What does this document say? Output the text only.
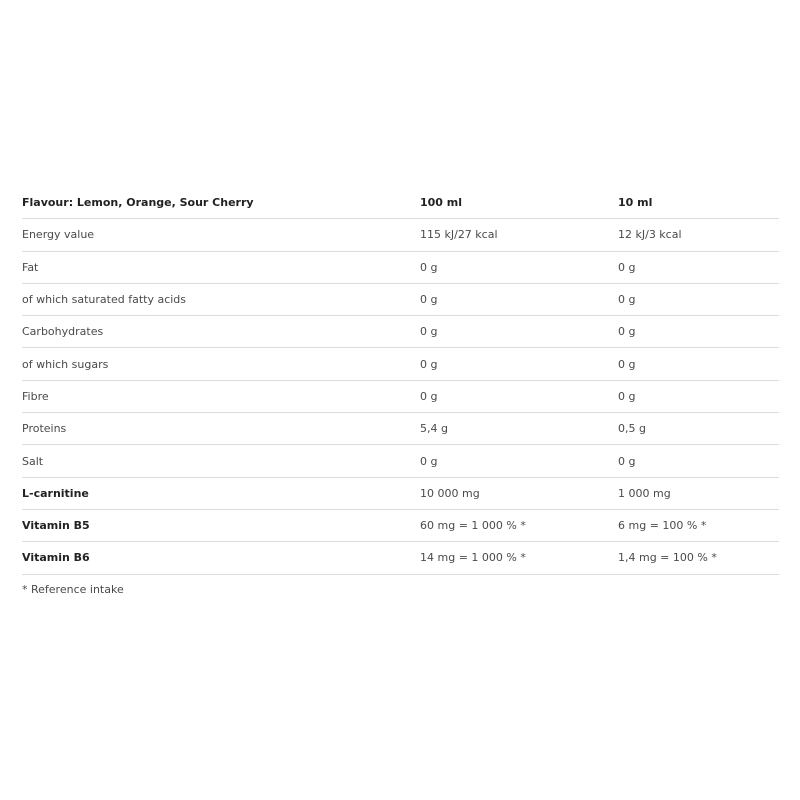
Flavour: Lemon, Orange, Sour Cherry	100 ml	10 ml
Energy value	115 kJ/27 kcal	12 kJ/3 kcal
Fat	0 g	0 g
of which saturated fatty acids	0 g	0 g
Carbohydrates	0 g	0 g
of which sugars	0 g	0 g
Fibre	0 g	0 g
Proteins	5,4 g	0,5 g
Salt	0 g	0 g
L-carnitine	10 000 mg	1 000 mg
Vitamin B5	60 mg = 1 000 % *	6 mg = 100 % *
Vitamin B6	14 mg = 1 000 % *	1,4 mg = 100 % *
* Reference intake
